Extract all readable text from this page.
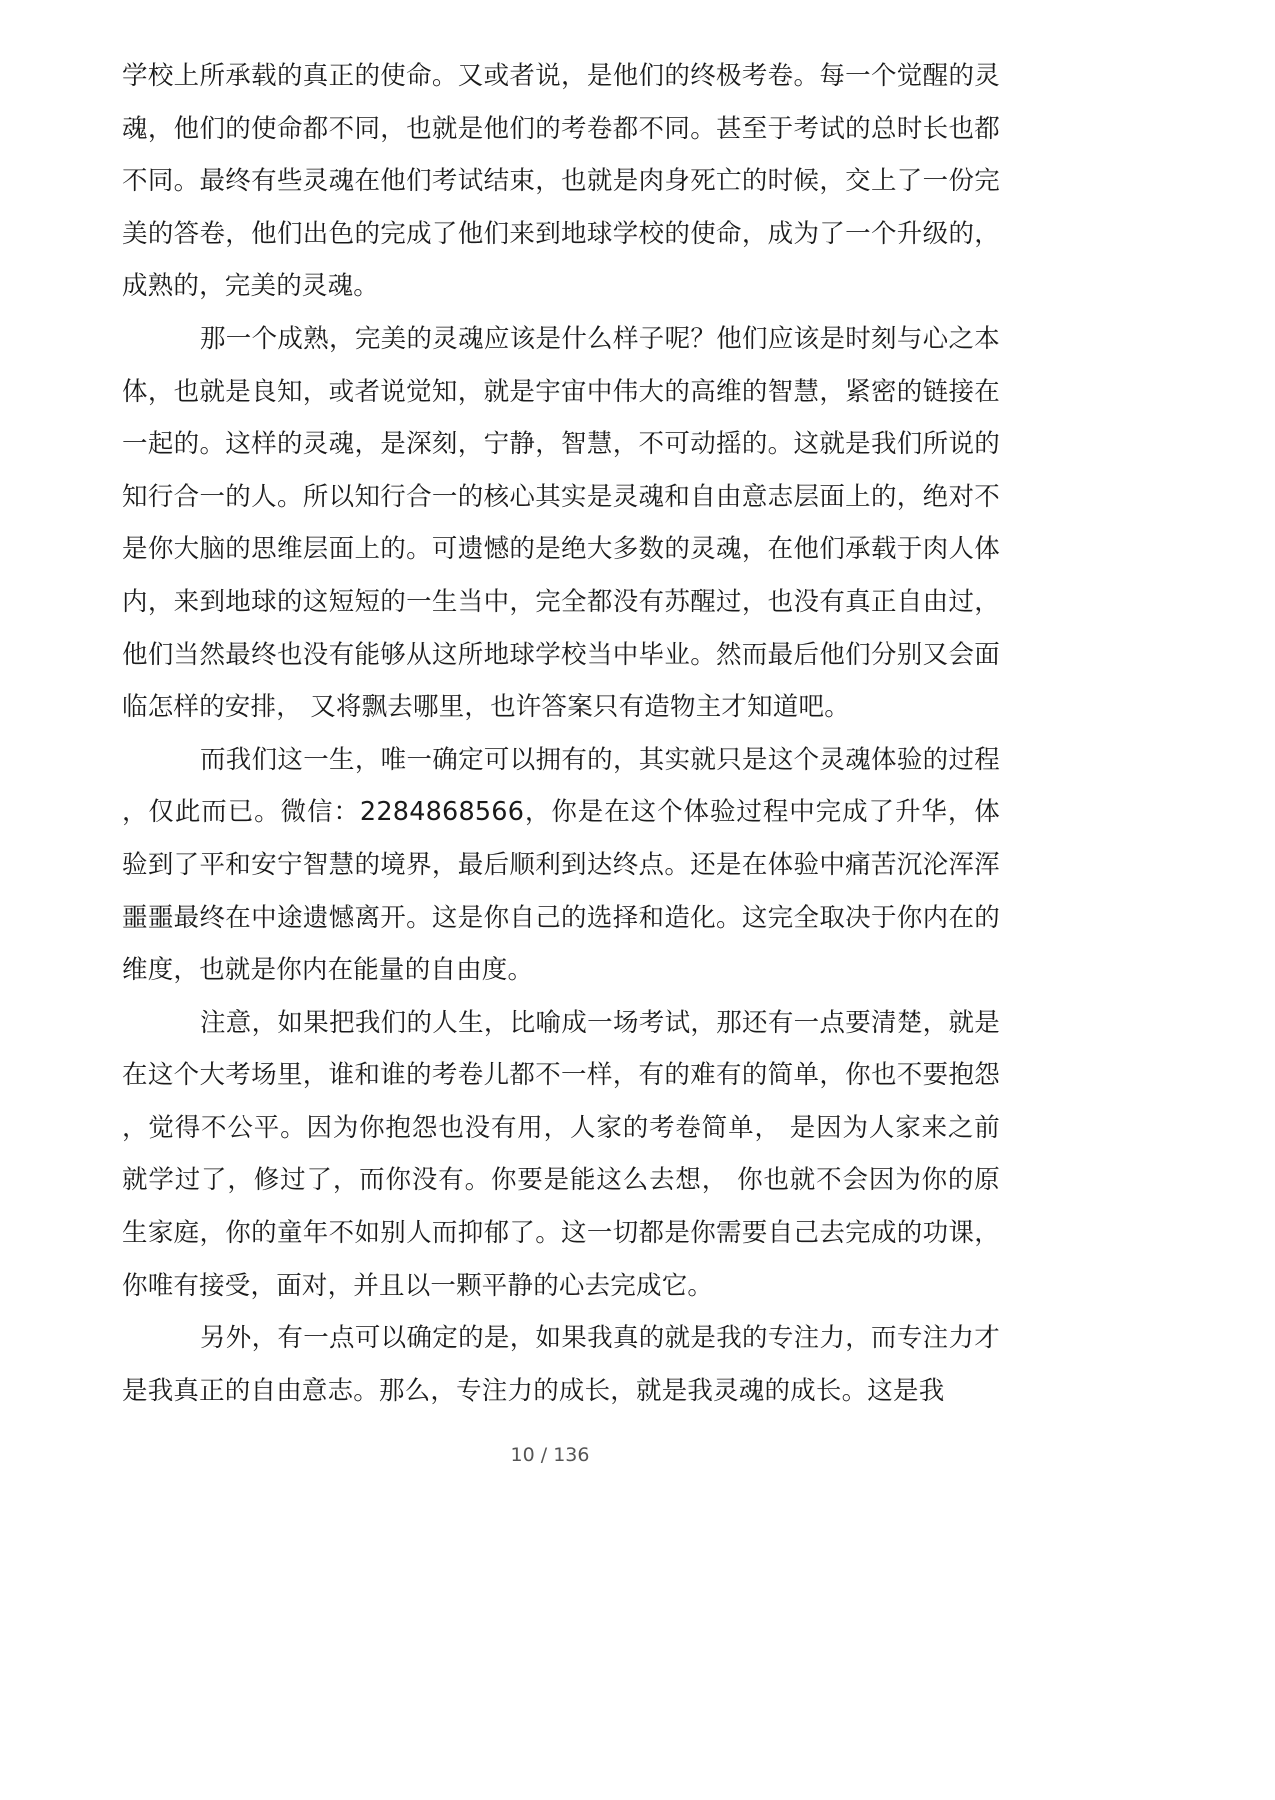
学校上所承载的真正的使命。又或者说，是他们的终极考卷。每一个觉醒的灵魂，他们的使命都不同，也就是他们的考卷都不同。甚至于考试的总时长也都不同。最终有些灵魂在他们考试结束，也就是肉身死亡的时候，交上了一份完美的答卷，他们出色的完成了他们来到地球学校的使命，成为了一个升级的，成熟的，完美的灵魂。

那一个成熟，完美的灵魂应该是什么样子呢？他们应该是时刻与心之本体，也就是良知，或者说觉知，就是宇宙中伟大的高维的智慧，紧密的链接在一起的。这样的灵魂，是深刻，宁静，智慧，不可动摇的。这就是我们所说的知行合一的人。所以知行合一的核心其实是灵魂和自由意志层面上的，绝对不是你大脑的思维层面上的。可遗憾的是绝大多数的灵魂，在他们承载于肉人体内，来到地球的这短短的一生当中，完全都没有苏醒过，也没有真正自由过，他们当然最终也没有能够从这所地球学校当中毕业。然而最后他们分别又会面临怎样的安排， 又将飘去哪里，也许答案只有造物主才知道吧。

而我们这一生，唯一确定可以拥有的，其实就只是这个灵魂体验的过程，仅此而已。微信：2284868566，你是在这个体验过程中完成了升华，体验到了平和安宁智慧的境界，最后顺利到达终点。还是在体验中痛苦沉沦浑浑噩噩最终在中途遗憾离开。这是你自己的选择和造化。这完全取决于你内在的维度，也就是你内在能量的自由度。

注意，如果把我们的人生，比喻成一场考试，那还有一点要清楚，就是在这个大考场里，谁和谁的考卷儿都不一样，有的难有的简单，你也不要抱怨，觉得不公平。因为你抱怨也没有用，人家的考卷简单， 是因为人家来之前就学过了，修过了，而你没有。你要是能这么去想， 你也就不会因为你的原生家庭，你的童年不如别人而抑郁了。这一切都是你需要自己去完成的功课，你唯有接受，面对，并且以一颗平静的心去完成它。

另外，有一点可以确定的是，如果我真的就是我的专注力，而专注力才是我真正的自由意志。那么，专注力的成长，就是我灵魂的成长。这是我

10 / 136
